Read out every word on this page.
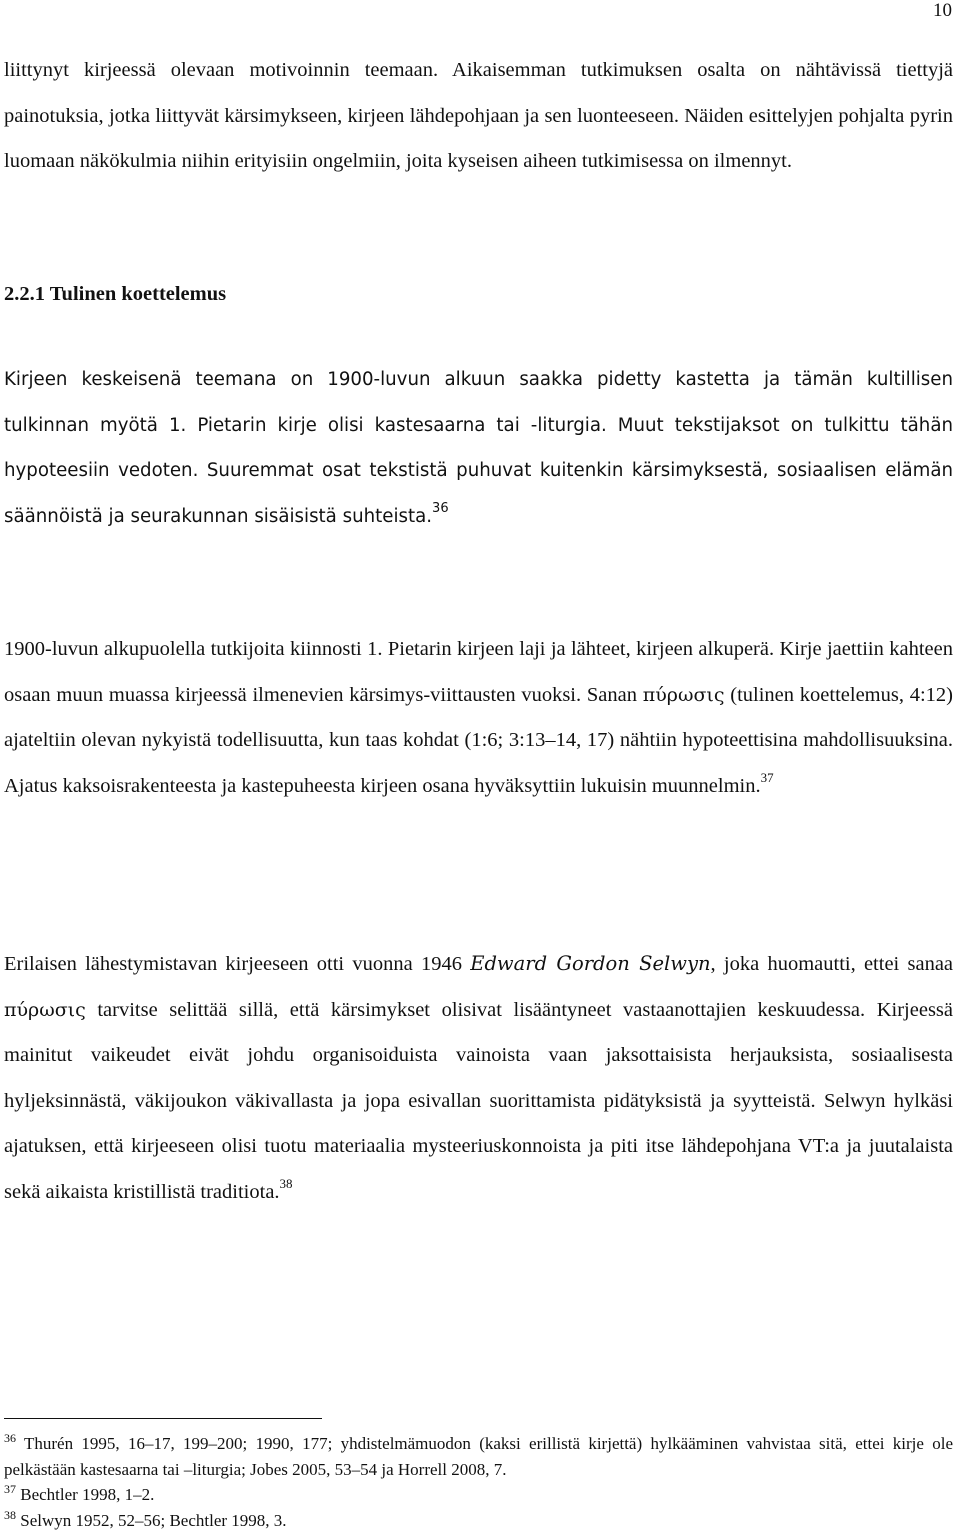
10

liittynyt kirjeessä olevaan motivoinnin teemaan. Aikaisemman tutkimuksen osalta on nähtävissä tiettyjä painotuksia, jotka liittyvät kärsimykseen, kirjeen lähdepohjaan ja sen luonteeseen. Näiden esittelyjen pohjalta pyrin luomaan näkökulmia niihin erityisiin ongelmiin, joita kyseisen aiheen tutkimisessa on ilmennyt.

2.2.1 Tulinen koettelemus

Kirjeen keskeisenä teemana on 1900-luvun alkuun saakka pidetty kastetta ja tämän kultillisen tulkinnan myötä 1. Pietarin kirje olisi kastesaarna tai -liturgia. Muut tekstijaksot on tulkittu tähän hypoteesiin vedoten. Suuremmat osat tekstistä puhuvat kuitenkin kärsimyksestä, sosiaalisen elämän säännöistä ja seurakunnan sisäisistä suhteista.$^{36}$

1900-luvun alkupuolella tutkijoita kiinnosti 1. Pietarin kirjeen laji ja lähteet, kirjeen alkuperä. Kirje jaettiin kahteen osaan muun muassa kirjeessä ilmenevien kärsimys-viittausten vuoksi. Sanan πύρωσις (tulinen koettelemus, 4:12) ajateltiin olevan nykyistä todellisuutta, kun taas kohdat (1:6; 3:13–14, 17) nähtiin hypoteettisina mahdollisuuksina. Ajatus kaksoisrakenteesta ja kastepuheesta kirjeen osana hyväksyttiin lukuisin muunnelmin.$^{37}$

Erilaisen lähestymistavan kirjeeseen otti vuonna 1946 Edward Gordon Selwyn, joka huomautti, ettei sanaa πύρωσις tarvitse selittää sillä, että kärsimykset olisivat lisääntyneet vastaanottajien keskuudessa. Kirjeessä mainitut vaikeudet eivät johdu organisoiduista vainoista vaan jaksottaisista herjauksista, sosiaalisesta hyljeksinnästä, väkijoukon väkivallasta ja jopa esivallan suorittamista pidätyksistä ja syytteistä. Selwyn hylkäsi ajatuksen, että kirjeeseen olisi tuotu materiaalia mysteeriuskonnoista ja piti itse lähdepohjana VT:a ja juutalaista sekä aikaista kristillistä traditiota.$^{38}$

$^{36}$ Thurén 1995, 16–17, 199–200; 1990, 177; yhdistelmämuodon (kaksi erillistä kirjettä) hylkääminen vahvistaa sitä, ettei kirje ole pelkästään kastesaarna tai –liturgia; Jobes 2005, 53–54 ja Horrell 2008, 7.

$^{37}$ Bechtler 1998, 1–2.

$^{38}$ Selwyn 1952, 52–56; Bechtler 1998, 3.
